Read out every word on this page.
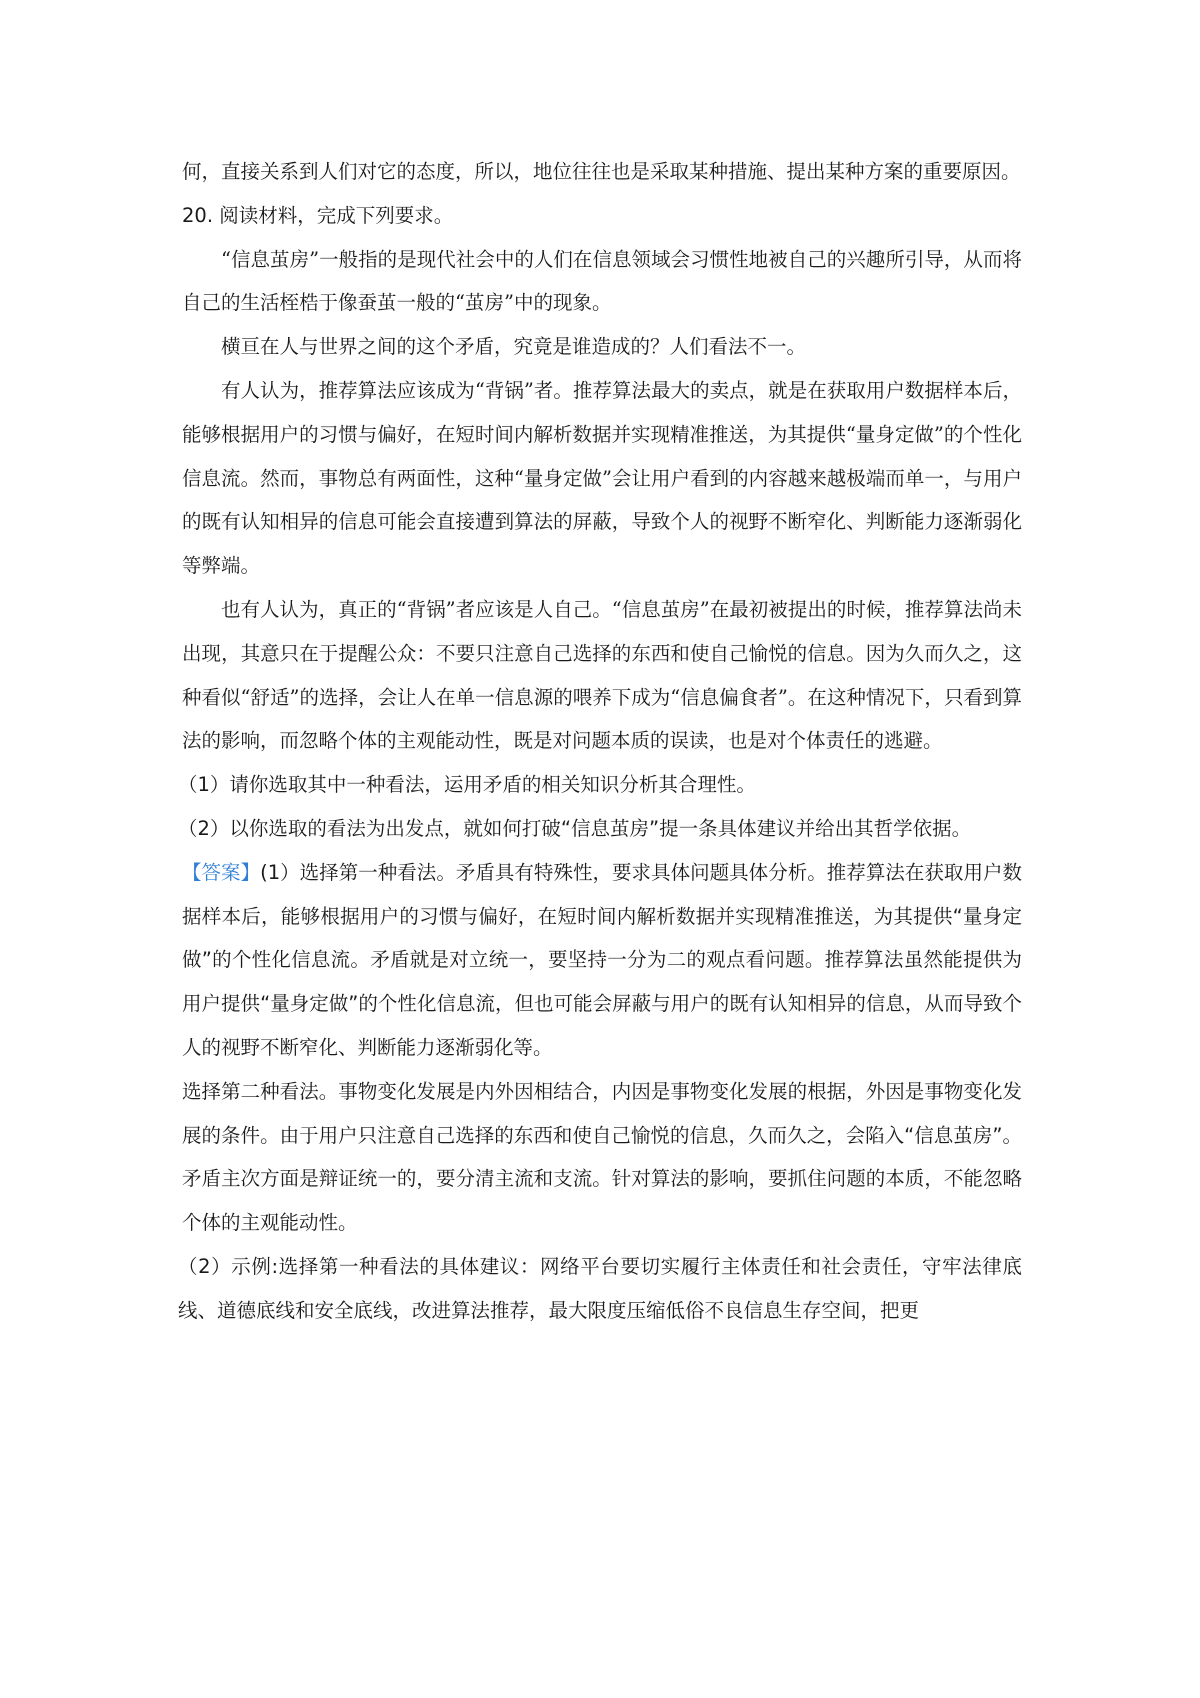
何，直接关系到人们对它的态度，所以，地位往往也是采取某种措施、提出某种方案的重要原因。

20. 阅读材料，完成下列要求。

“信息茧房”一般指的是现代社会中的人们在信息领域会习惯性地被自己的兴趣所引导，从而将自己的生活桎梏于像蚕茧一般的“茧房”中的现象。

横亘在人与世界之间的这个矛盾，究竟是谁造成的？人们看法不一。

有人认为，推荐算法应该成为“背锅”者。推荐算法最大的卖点，就是在获取用户数据样本后，能够根据用户的习惯与偏好，在短时间内解析数据并实现精准推送，为其提供“量身定做”的个性化信息流。然而，事物总有两面性，这种“量身定做”会让用户看到的内容越来越极端而单一，与用户的既有认知相异的信息可能会直接遭到算法的屏蔽，导致个人的视野不断窄化、判断能力逐渐弱化等弊端。

也有人认为，真正的“背锅”者应该是人自己。“信息茧房”在最初被提出的时候，推荐算法尚未出现，其意只在于提醒公众：不要只注意自己选择的东西和使自己愉悦的信息。因为久而久之，这种看似“舒适”的选择，会让人在单一信息源的喂养下成为“信息偏食者”。在这种情况下，只看到算法的影响，而忽略个体的主观能动性，既是对问题本质的误读，也是对个体责任的逃避。

（1）请你选取其中一种看法，运用矛盾的相关知识分析其合理性。

（2）以你选取的看法为出发点，就如何打破“信息茧房”提一条具体建议并给出其哲学依据。

【答案】(1）选择第一种看法。矛盾具有特殊性，要求具体问题具体分析。推荐算法在获取用户数据样本后，能够根据用户的习惯与偏好，在短时间内解析数据并实现精准推送，为其提供“量身定做”的个性化信息流。矛盾就是对立统一，要坚持一分为二的观点看问题。推荐算法虽然能提供为用户提供“量身定做”的个性化信息流，但也可能会屏蔽与用户的既有认知相异的信息，从而导致个人的视野不断窄化、判断能力逐渐弱化等。

选择第二种看法。事物变化发展是内外因相结合，内因是事物变化发展的根据，外因是事物变化发展的条件。由于用户只注意自己选择的东西和使自己愉悦的信息，久而久之，会陷入“信息茧房”。矛盾主次方面是辩证统一的，要分清主流和支流。针对算法的影响，要抓住问题的本质，不能忽略个体的主观能动性。

（2）示例:选择第一种看法的具体建议：网络平台要切实履行主体责任和社会责任，守牢法律底线、道德底线和安全底线，改进算法推荐，最大限度压缩低俗不良信息生存空间，把更
